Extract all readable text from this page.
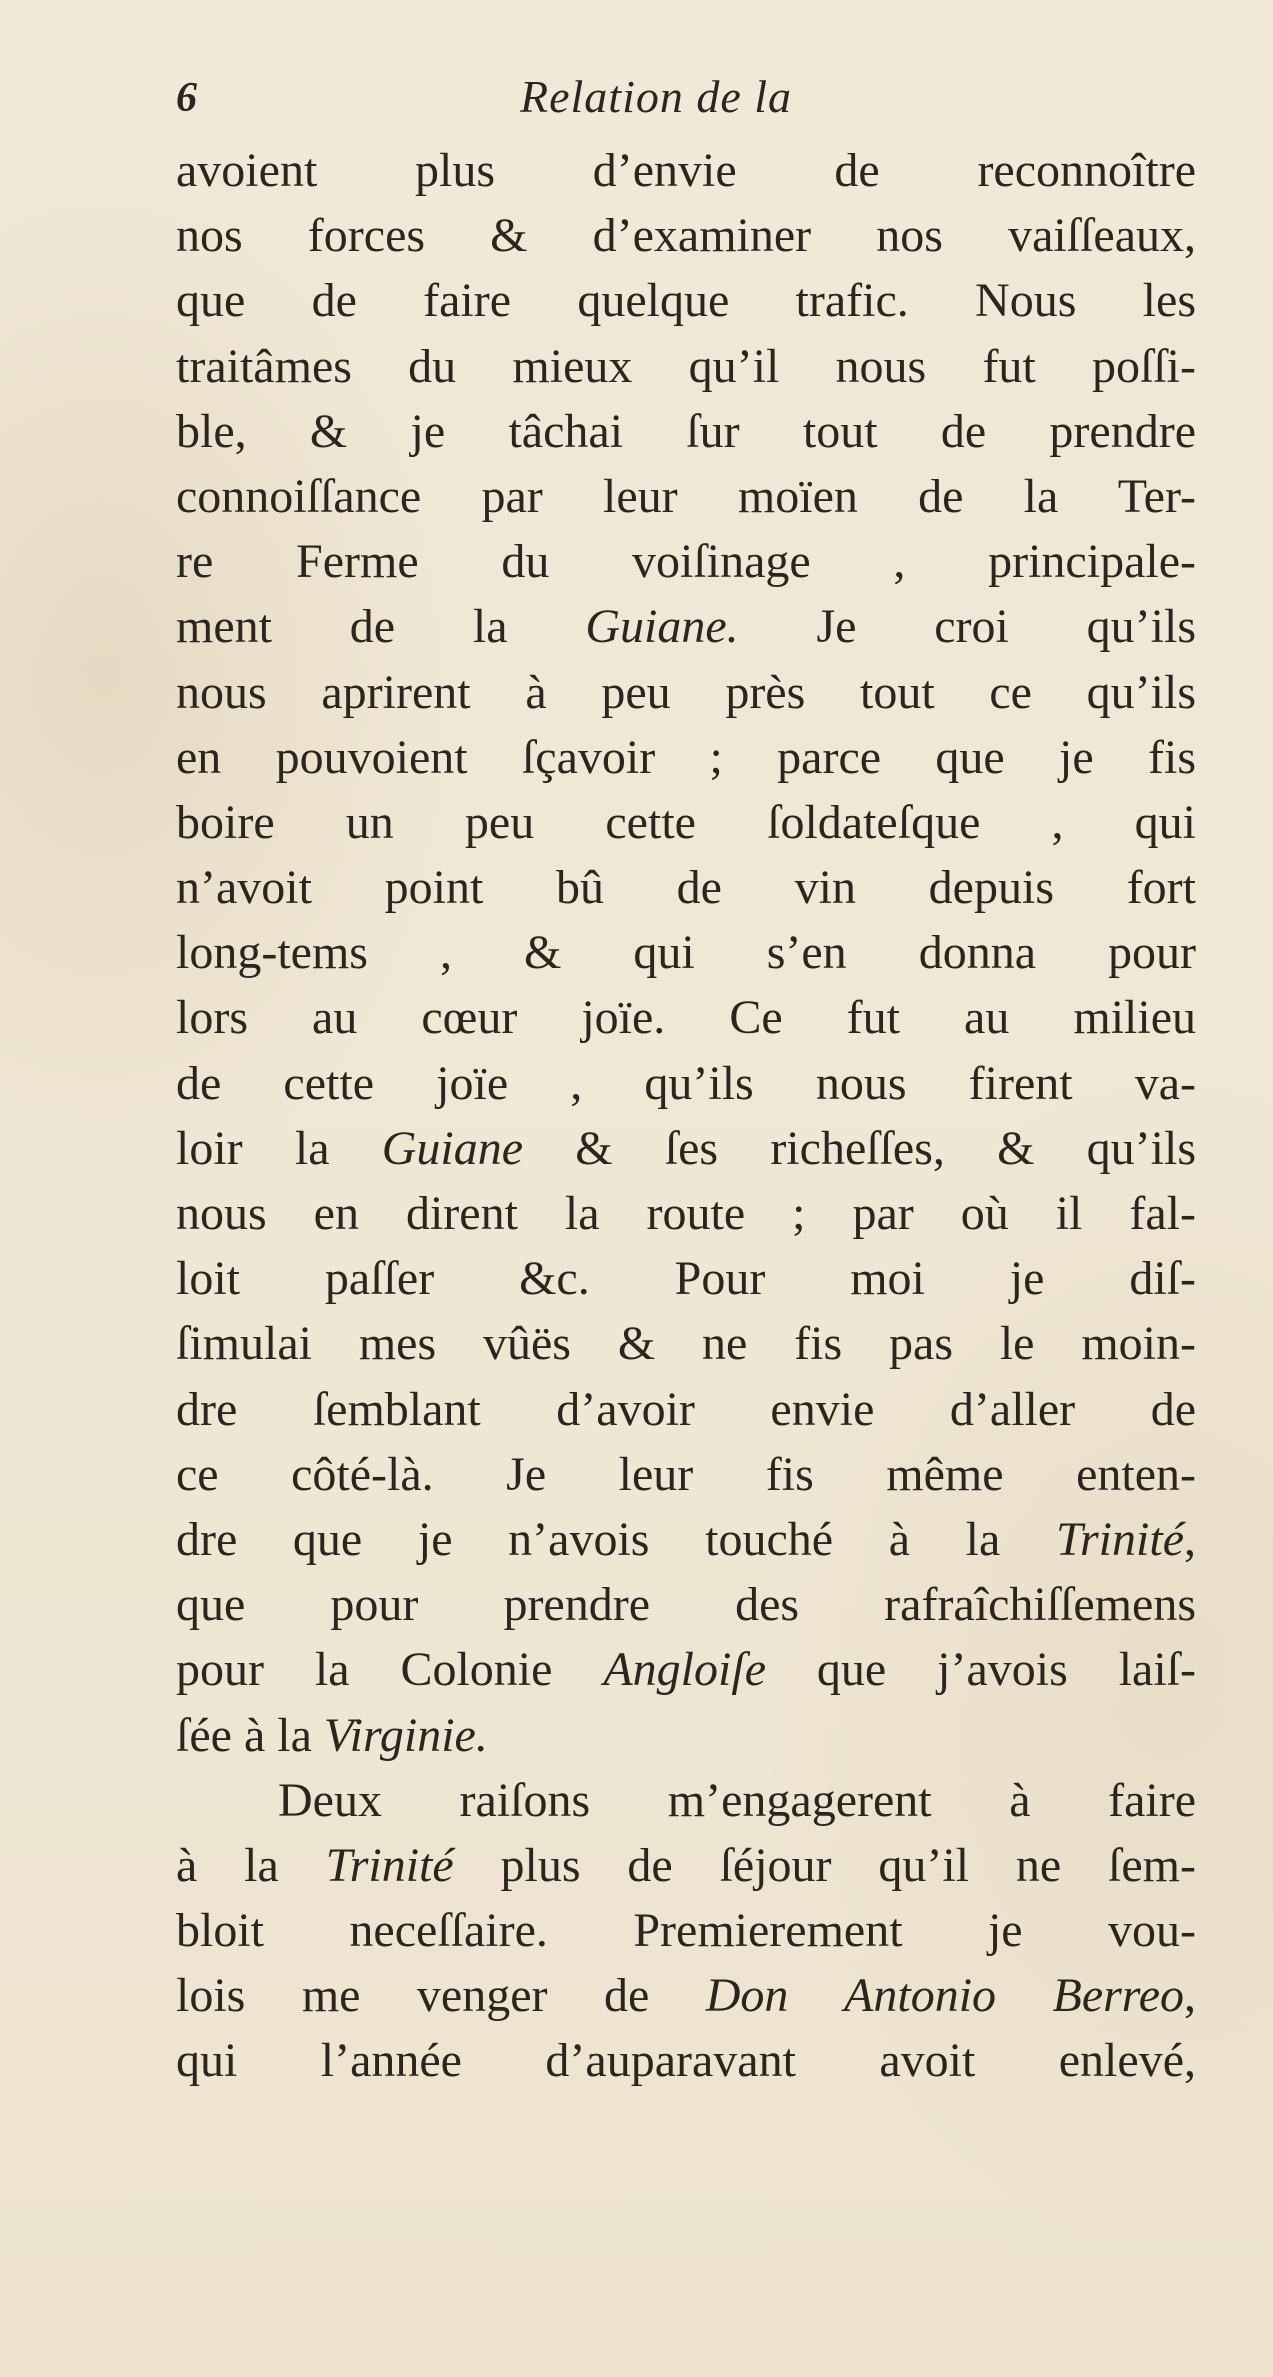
6	Relation de la
avoient plus d’envie de reconnoître
nos forces & d’examiner nos vaiſſeaux,
que de faire quelque trafic. Nous les
traitâmes du mieux qu’il nous fut poſſi-
ble, & je tâchai ſur tout de prendre
connoiſſance par leur moïen de la Ter-
re Ferme du voiſinage , principale-
ment de la Guiane. Je croi qu’ils
nous aprirent à peu près tout ce qu’ils
en pouvoient ſçavoir ; parce que je fis
boire un peu cette ſoldateſque , qui
n’avoit point bû de vin depuis fort
long-tems , & qui s’en donna pour
lors au cœur joïe. Ce fut au milieu
de cette joïe , qu’ils nous firent va-
loir la Guiane & ſes richeſſes, & qu’ils
nous en dirent la route ; par où il fal-
loit paſſer &c. Pour moi je diſ-
ſimulai mes vûës & ne fis pas le moin-
dre ſemblant d’avoir envie d’aller de
ce côté-là. Je leur fis même enten-
dre que je n’avois touché à la Trinité,
que pour prendre des rafraîchiſſemens
pour la Colonie Angloiſe que j’avois laiſ-
ſée à la Virginie.
Deux raiſons m’engagerent à faire
à la Trinité plus de ſéjour qu’il ne ſem-
bloit neceſſaire. Premierement je vou-
lois me venger de Don Antonio Berreo,
qui l’année d’auparavant avoit enlevé,
